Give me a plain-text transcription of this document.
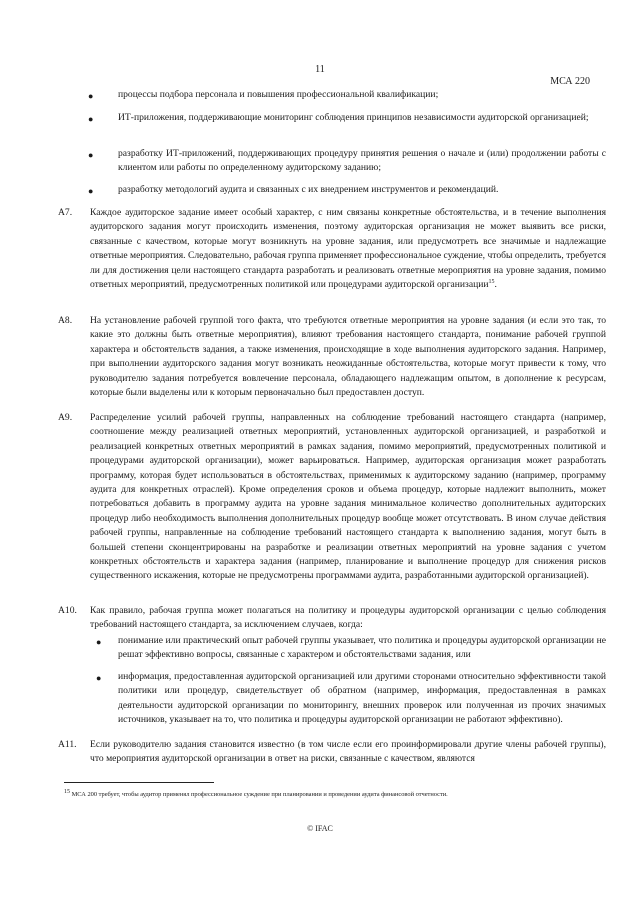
11
МСА 220
●	процессы подбора персонала и повышения профессиональной квалификации;
●	ИТ-приложения, поддерживающие мониторинг соблюдения принципов независимости аудиторской организацией;
●	разработку ИТ-приложений, поддерживающих процедуру принятия решения о начале и (или) продолжении работы с клиентом или работы по определенному аудиторскому заданию;
●	разработку методологий аудита и связанных с их внедрением инструментов и рекомендаций.
A7. Каждое аудиторское задание имеет особый характер, с ним связаны конкретные обстоятельства, и в течение выполнения аудиторского задания могут происходить изменения, поэтому аудиторская организация не может выявить все риски, связанные с качеством, которые могут возникнуть на уровне задания, или предусмотреть все значимые и надлежащие ответные мероприятия. Следовательно, рабочая группа применяет профессиональное суждение, чтобы определить, требуется ли для достижения цели настоящего стандарта разработать и реализовать ответные мероприятия на уровне задания, помимо ответных мероприятий, предусмотренных политикой или процедурами аудиторской организации$^{15}$.
A8. На установление рабочей группой того факта, что требуются ответные мероприятия на уровне задания (и если это так, то какие это должны быть ответные мероприятия), влияют требования настоящего стандарта, понимание рабочей группой характера и обстоятельств задания, а также изменения, происходящие в ходе выполнения аудиторского задания. Например, при выполнении аудиторского задания могут возникать неожиданные обстоятельства, которые могут привести к тому, что руководителю задания потребуется вовлечение персонала, обладающего надлежащим опытом, в дополнение к ресурсам, которые были выделены или к которым первоначально был предоставлен доступ.
A9. Распределение усилий рабочей группы, направленных на соблюдение требований настоящего стандарта (например, соотношение между реализацией ответных мероприятий, установленных аудиторской организацией, и разработкой и реализацией конкретных ответных мероприятий в рамках задания, помимо мероприятий, предусмотренных политикой и процедурами аудиторской организации), может варьироваться. Например, аудиторская организация может разработать программу, которая будет использоваться в обстоятельствах, применимых к аудиторскому заданию (например, программу аудита для конкретных отраслей). Кроме определения сроков и объема процедур, которые надлежит выполнить, может потребоваться добавить в программу аудита на уровне задания минимальное количество дополнительных аудиторских процедур либо необходимость выполнения дополнительных процедур вообще может отсутствовать. В ином случае действия рабочей группы, направленные на соблюдение требований настоящего стандарта к выполнению задания, могут быть в большей степени сконцентрированы на разработке и реализации ответных мероприятий на уровне задания с учетом конкретных обстоятельств и характера задания (например, планирование и выполнение процедур для снижения рисков существенного искажения, которые не предусмотрены программами аудита, разработанными аудиторской организацией).
A10. Как правило, рабочая группа может полагаться на политику и процедуры аудиторской организации с целью соблюдения требований настоящего стандарта, за исключением случаев, когда:
● понимание или практический опыт рабочей группы указывает, что политика и процедуры аудиторской организации не решат эффективно вопросы, связанные с характером и обстоятельствами задания, или
● информация, предоставленная аудиторской организацией или другими сторонами относительно эффективности такой политики или процедур, свидетельствует об обратном (например, информация, предоставленная в рамках деятельности аудиторской организации по мониторингу, внешних проверок или полученная из прочих значимых источников, указывает на то, что политика и процедуры аудиторской организации не работают эффективно).
A11. Если руководителю задания становится известно (в том числе если его проинформировали другие члены рабочей группы), что мероприятия аудиторской организации в ответ на риски, связанные с качеством, являются
$^{15}$ МСА 200 требует, чтобы аудитор применял профессиональное суждение при планировании и проведении аудита финансовой отчетности.
© IFAC
